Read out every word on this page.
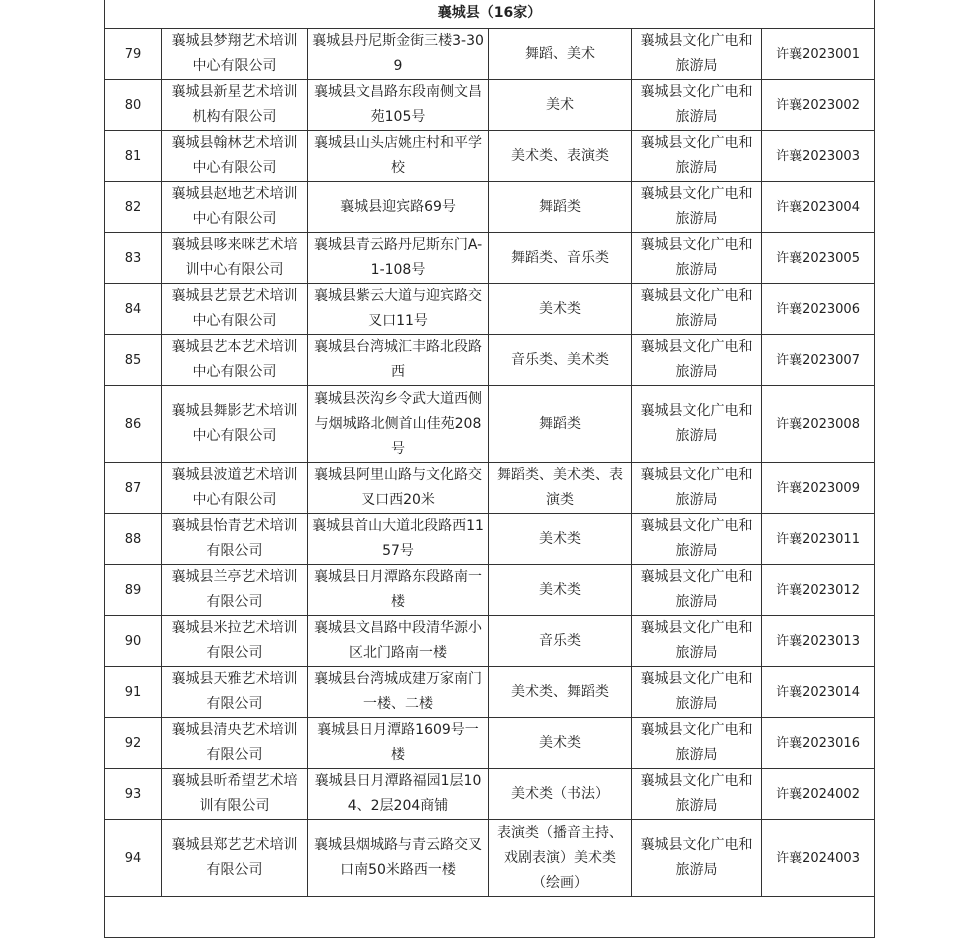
襄城县（16家）					
79	襄城县梦翔艺术培训中心有限公司	襄城县丹尼斯金街三楼3-309	舞蹈、美术	襄城县文化广电和旅游局	许襄2023001
80	襄城县新星艺术培训机构有限公司	襄城县文昌路东段南侧文昌苑105号	美术	襄城县文化广电和旅游局	许襄2023002
81	襄城县翰林艺术培训中心有限公司	襄城县山头店姚庄村和平学校	美术类、表演类	襄城县文化广电和旅游局	许襄2023003
82	襄城县赵地艺术培训中心有限公司	襄城县迎宾路69号	舞蹈类	襄城县文化广电和旅游局	许襄2023004
83	襄城县哆来咪艺术培训中心有限公司	襄城县青云路丹尼斯东门A-1-108号	舞蹈类、音乐类	襄城县文化广电和旅游局	许襄2023005
84	襄城县艺景艺术培训中心有限公司	襄城县紫云大道与迎宾路交叉口11号	美术类	襄城县文化广电和旅游局	许襄2023006
85	襄城县艺本艺术培训中心有限公司	襄城县台湾城汇丰路北段路西	音乐类、美术类	襄城县文化广电和旅游局	许襄2023007
86	襄城县舞影艺术培训中心有限公司	襄城县茨沟乡令武大道西侧与烟城路北侧首山佳苑208号	舞蹈类	襄城县文化广电和旅游局	许襄2023008
87	襄城县波道艺术培训中心有限公司	襄城县阿里山路与文化路交叉口西20米	舞蹈类、美术类、表演类	襄城县文化广电和旅游局	许襄2023009
88	襄城县怡青艺术培训有限公司	襄城县首山大道北段路西1157号	美术类	襄城县文化广电和旅游局	许襄2023011
89	襄城县兰亭艺术培训有限公司	襄城县日月潭路东段路南一楼	美术类	襄城县文化广电和旅游局	许襄2023012
90	襄城县米拉艺术培训有限公司	襄城县文昌路中段清华源小区北门路南一楼	音乐类	襄城县文化广电和旅游局	许襄2023013
91	襄城县天雅艺术培训有限公司	襄城县台湾城成建万家南门一楼、二楼	美术类、舞蹈类	襄城县文化广电和旅游局	许襄2023014
92	襄城县清央艺术培训有限公司	襄城县日月潭路1609号一楼	美术类	襄城县文化广电和旅游局	许襄2023016
93	襄城县昕希望艺术培训有限公司	襄城县日月潭路福园1层104、2层204商铺	美术类（书法）	襄城县文化广电和旅游局	许襄2024002
94	襄城县郑艺艺术培训有限公司	襄城县烟城路与青云路交叉口南50米路西一楼	表演类（播音主持、戏剧表演）美术类（绘画）	襄城县文化广电和旅游局	许襄2024003
